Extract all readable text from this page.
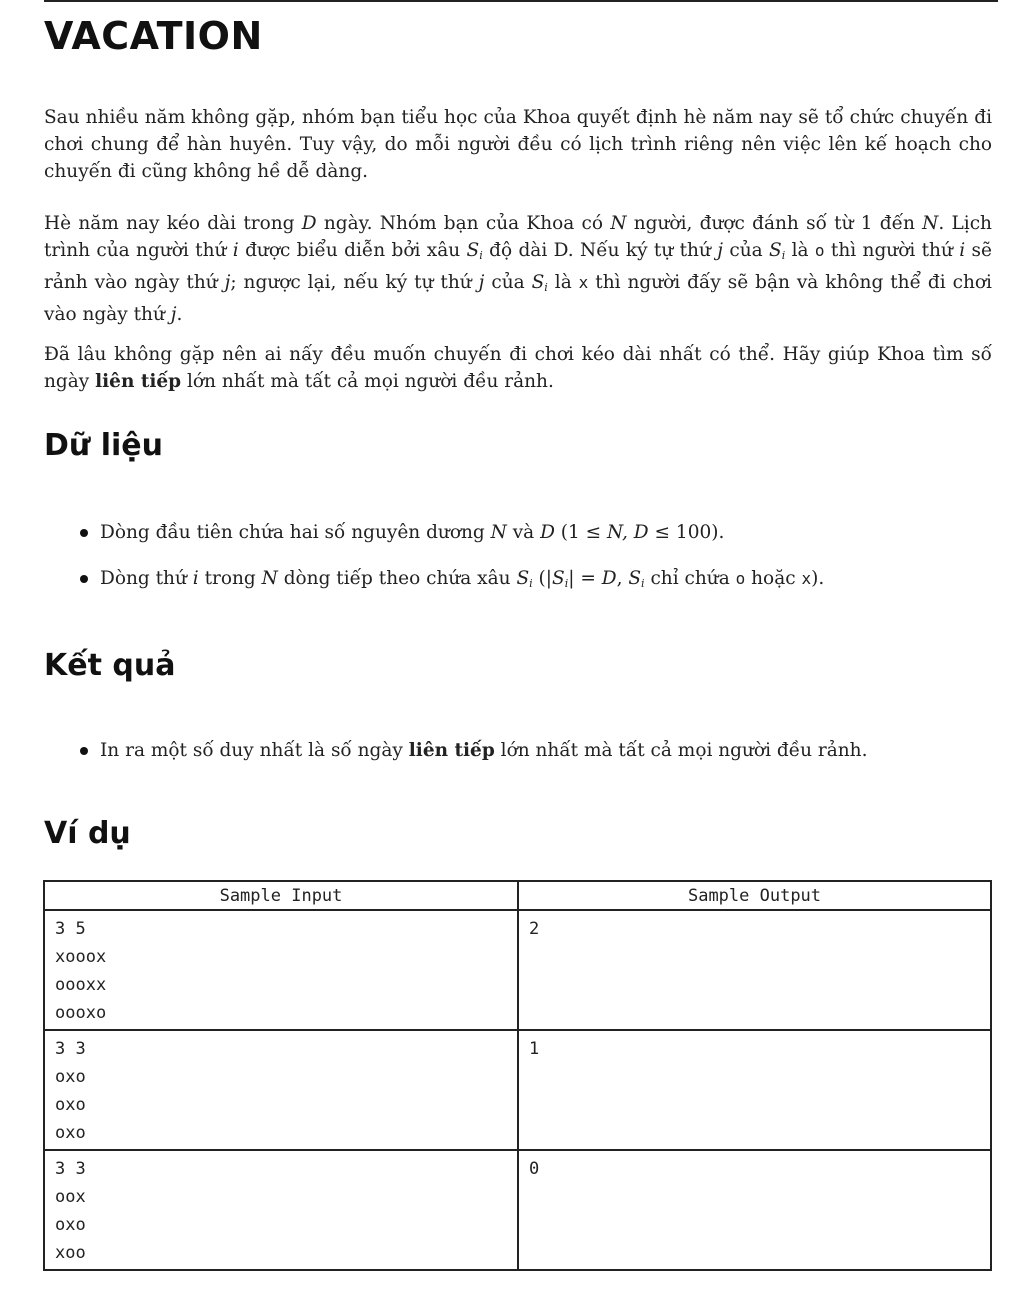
VACATION

Sau nhiều năm không gặp, nhóm bạn tiểu học của Khoa quyết định hè năm nay sẽ tổ chức chuyến đi chơi chung để hàn huyên. Tuy vậy, do mỗi người đều có lịch trình riêng nên việc lên kế hoạch cho chuyến đi cũng không hề dễ dàng.

Hè năm nay kéo dài trong D ngày. Nhóm bạn của Khoa có N người, được đánh số từ 1 đến N. Lịch trình của người thứ i được biểu diễn bởi xâu $S_i$ độ dài D. Nếu ký tự thứ j của $S_i$ là o thì người thứ i sẽ rảnh vào ngày thứ j; ngược lại, nếu ký tự thứ j của $S_i$ là x thì người đấy sẽ bận và không thể đi chơi vào ngày thứ j.

Đã lâu không gặp nên ai nấy đều muốn chuyến đi chơi kéo dài nhất có thể. Hãy giúp Khoa tìm số ngày liên tiếp lớn nhất mà tất cả mọi người đều rảnh.

Dữ liệu
Dòng đầu tiên chứa hai số nguyên dương N và D (1 ≤ N, D ≤ 100).
Dòng thứ i trong N dòng tiếp theo chứa xâu $S_i$ ($|S_i| = D$, $S_i$ chỉ chứa o hoặc x).
Kết quả
In ra một số duy nhất là số ngày liên tiếp lớn nhất mà tất cả mọi người đều rảnh.
Ví dụ
Sample Input	Sample Output

3 5
xooox
oooxx
oooxo	2

3 3
oxo
oxo
oxo	1

3 3
oox
oxo
xoo	0
